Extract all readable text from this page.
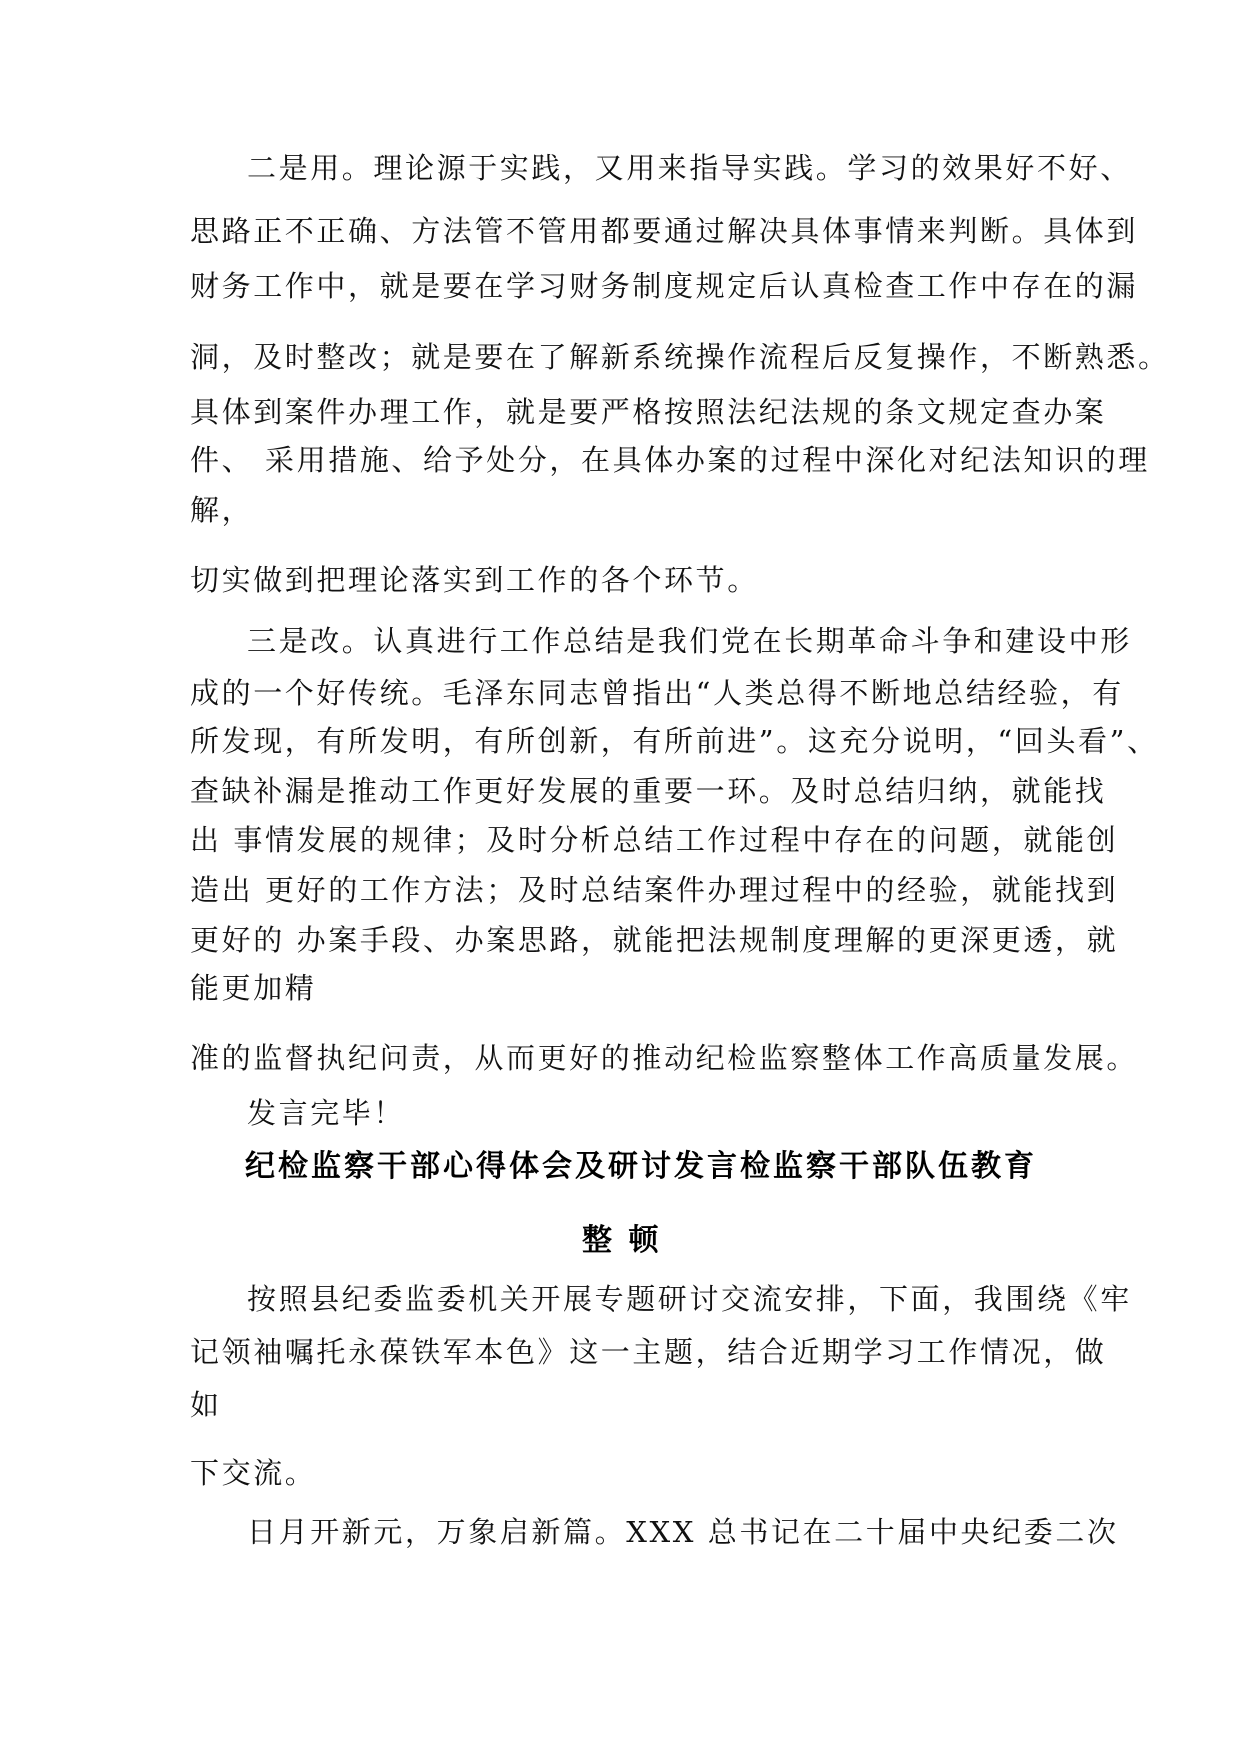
二是用。理论源于实践，又用来指导实践。学习的效果好不好、

思路正不正确、方法管不管用都要通过解决具体事情来判断。具体到

财务工作中，就是要在学习财务制度规定后认真检查工作中存在的漏

洞，及时整改；就是要在了解新系统操作流程后反复操作，不断熟悉。

具体到案件办理工作，就是要严格按照法纪法规的条文规定查办案

件、 采用措施、给予处分，在具体办案的过程中深化对纪法知识的理

解，

切实做到把理论落实到工作的各个环节。

三是改。认真进行工作总结是我们党在长期革命斗争和建设中形

成的一个好传统。毛泽东同志曾指出“人类总得不断地总结经验，有

所发现，有所发明，有所创新，有所前进”。这充分说明，“回头看”、

查缺补漏是推动工作更好发展的重要一环。及时总结归纳，就能找

出 事情发展的规律；及时分析总结工作过程中存在的问题，就能创

造出 更好的工作方法；及时总结案件办理过程中的经验，就能找到

更好的 办案手段、办案思路，就能把法规制度理解的更深更透，就

能更加精

准的监督执纪问责，从而更好的推动纪检监察整体工作高质量发展。

发言完毕！

纪检监察干部心得体会及研讨发言检监察干部队伍教育
整 顿

按照县纪委监委机关开展专题研讨交流安排，下面，我围绕《牢

记领袖嘱托永葆铁军本色》这一主题，结合近期学习工作情况，做

如

下交流。

日月开新元，万象启新篇。XXX 总书记在二十届中央纪委二次
